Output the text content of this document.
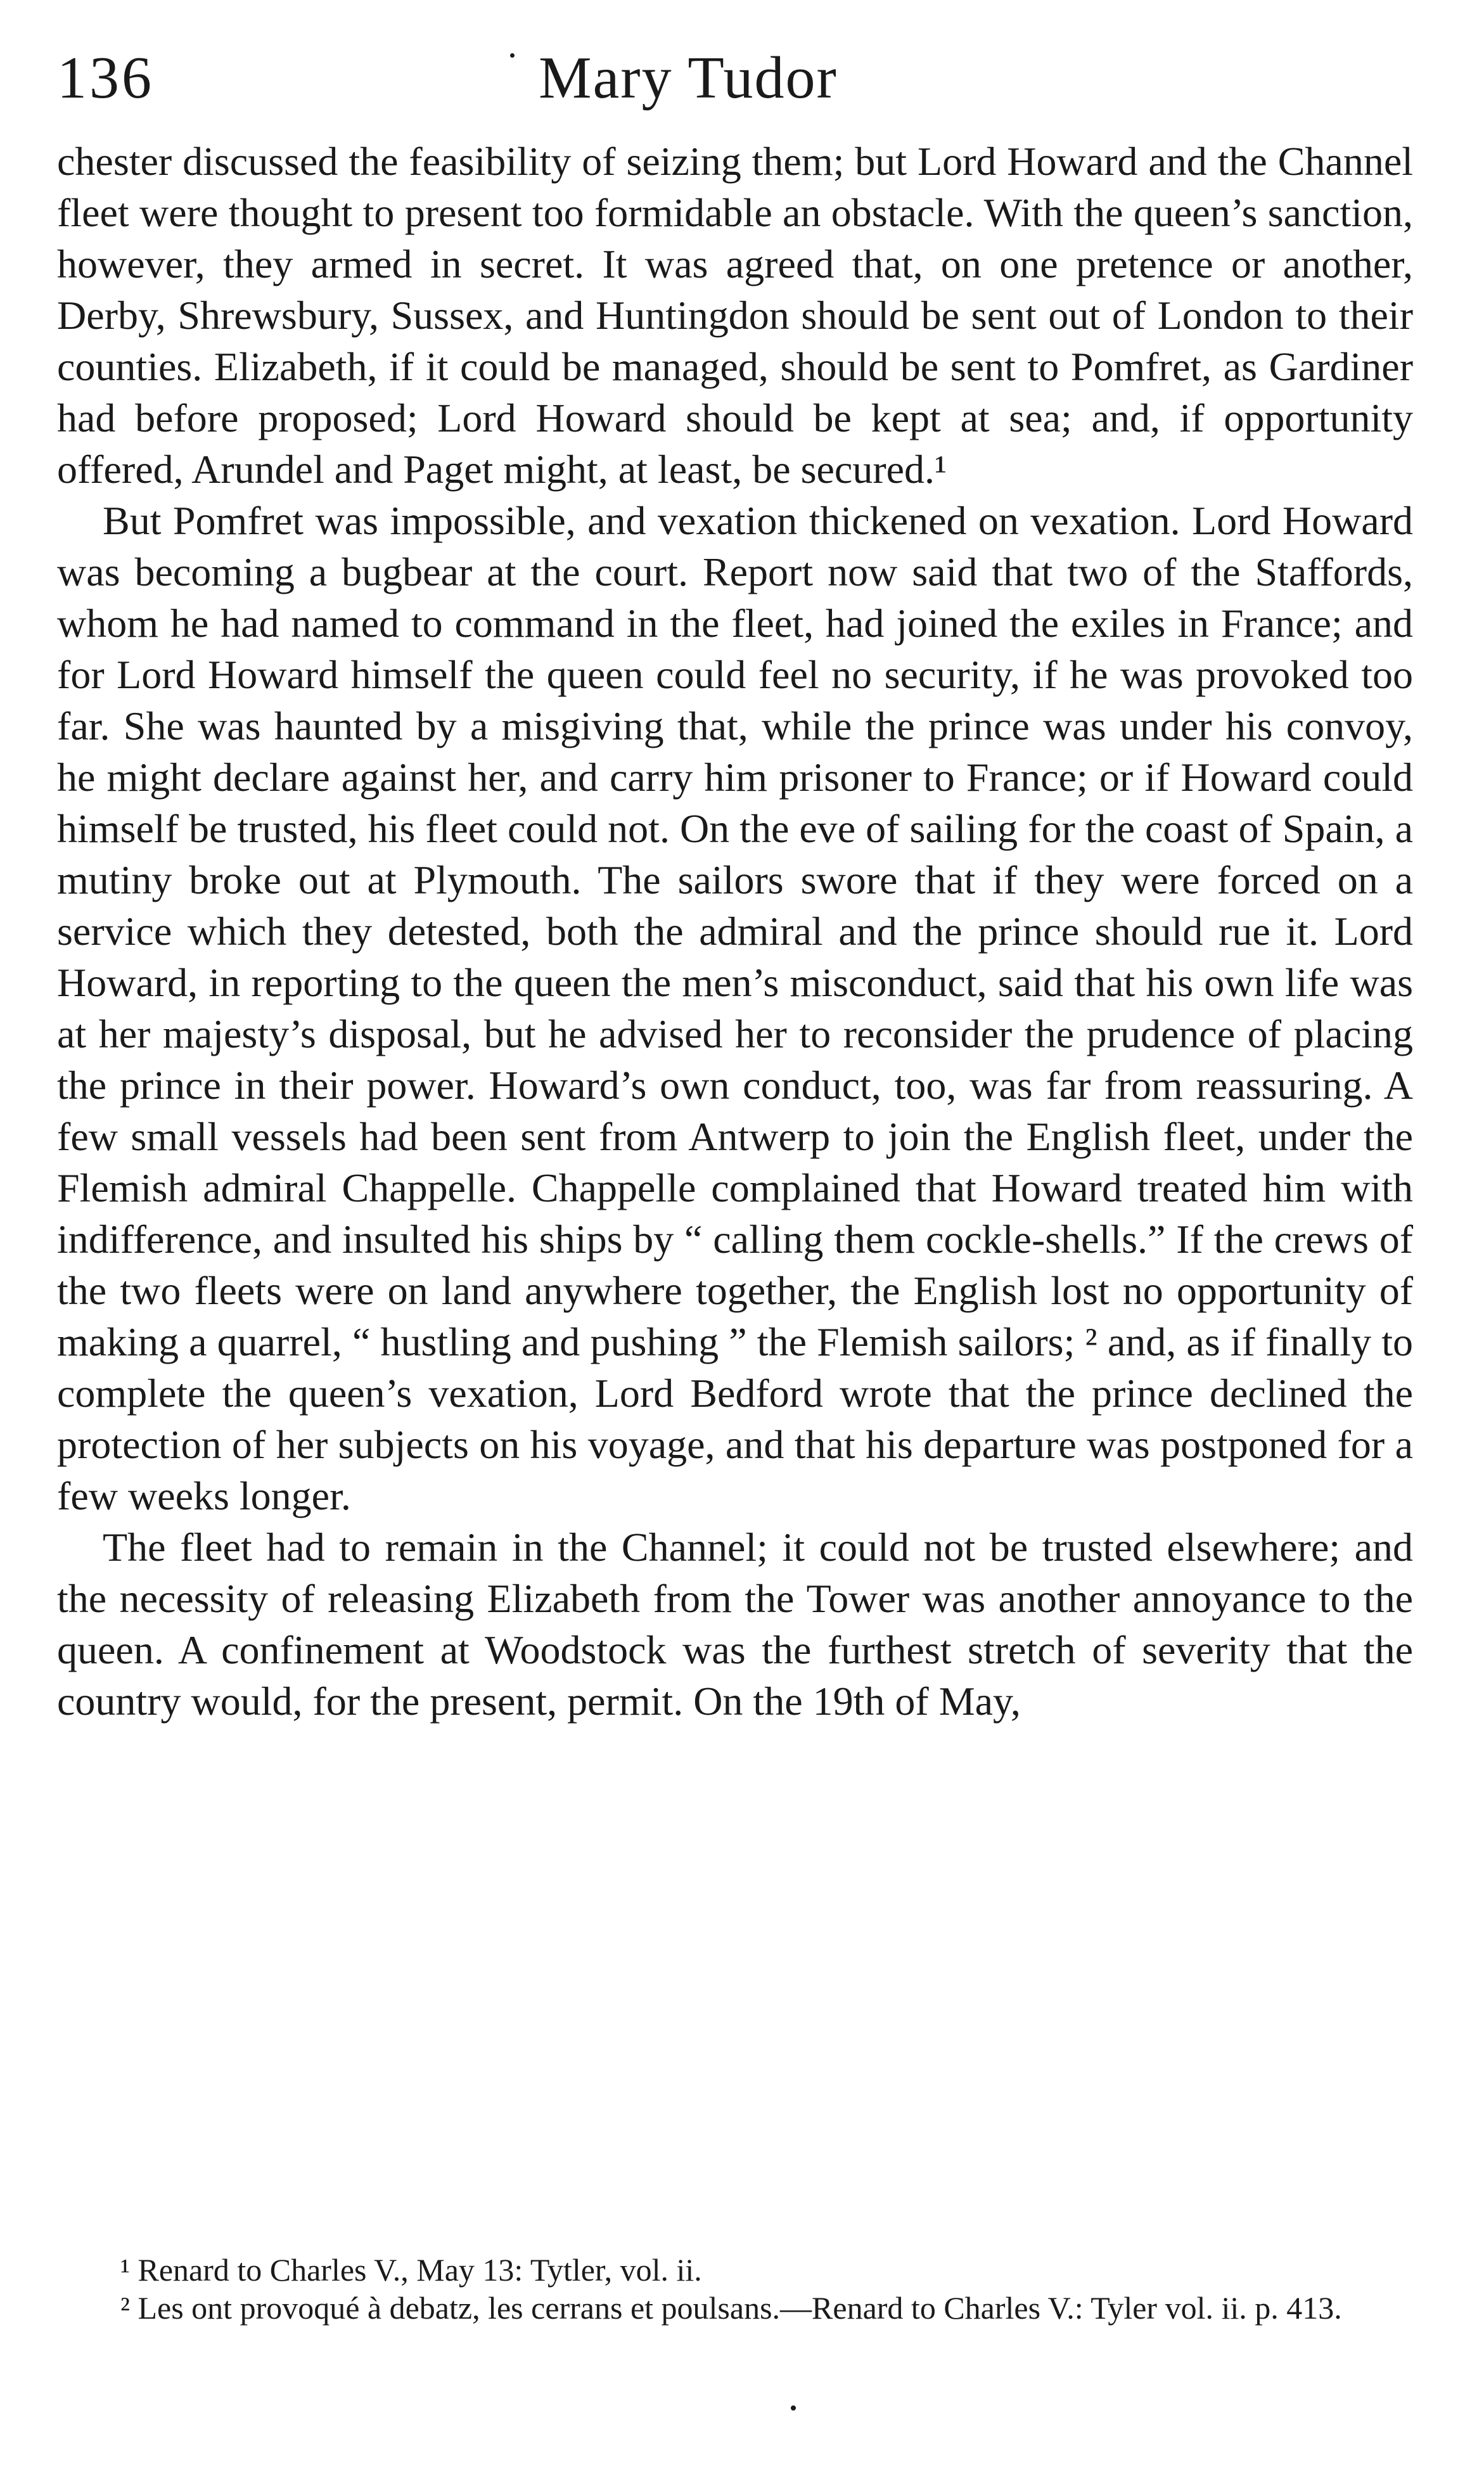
136	Mary Tudor

chester discussed the feasibility of seizing them; but Lord Howard and the Channel fleet were thought to present too formidable an obstacle. With the queen’s sanction, however, they armed in secret. It was agreed that, on one pretence or another, Derby, Shrewsbury, Sussex, and Huntingdon should be sent out of London to their counties. Elizabeth, if it could be managed, should be sent to Pomfret, as Gardiner had before proposed; Lord Howard should be kept at sea; and, if opportunity offered, Arundel and Paget might, at least, be secured.¹

But Pomfret was impossible, and vexation thickened on vexation. Lord Howard was becoming a bugbear at the court. Report now said that two of the Staffords, whom he had named to command in the fleet, had joined the exiles in France; and for Lord Howard himself the queen could feel no security, if he was provoked too far. She was haunted by a misgiving that, while the prince was under his convoy, he might declare against her, and carry him prisoner to France; or if Howard could himself be trusted, his fleet could not. On the eve of sailing for the coast of Spain, a mutiny broke out at Plymouth. The sailors swore that if they were forced on a service which they detested, both the admiral and the prince should rue it. Lord Howard, in reporting to the queen the men’s misconduct, said that his own life was at her majesty’s disposal, but he advised her to reconsider the prudence of placing the prince in their power. Howard’s own conduct, too, was far from reassuring. A few small vessels had been sent from Antwerp to join the English fleet, under the Flemish admiral Chappelle. Chappelle complained that Howard treated him with indifference, and insulted his ships by “ calling them cockle-shells.” If the crews of the two fleets were on land anywhere together, the English lost no opportunity of making a quarrel, “ hustling and pushing ” the Flemish sailors; ² and, as if finally to complete the queen’s vexation, Lord Bedford wrote that the prince declined the protection of her subjects on his voyage, and that his departure was postponed for a few weeks longer.

The fleet had to remain in the Channel; it could not be trusted elsewhere; and the necessity of releasing Elizabeth from the Tower was another annoyance to the queen. A confinement at Woodstock was the furthest stretch of severity that the country would, for the present, permit. On the 19th of May,

¹ Renard to Charles V., May 13: Tytler, vol. ii.

² Les ont provoqué à debatz, les cerrans et poulsans.—Renard to Charles V.: Tyler vol. ii. p. 413.
